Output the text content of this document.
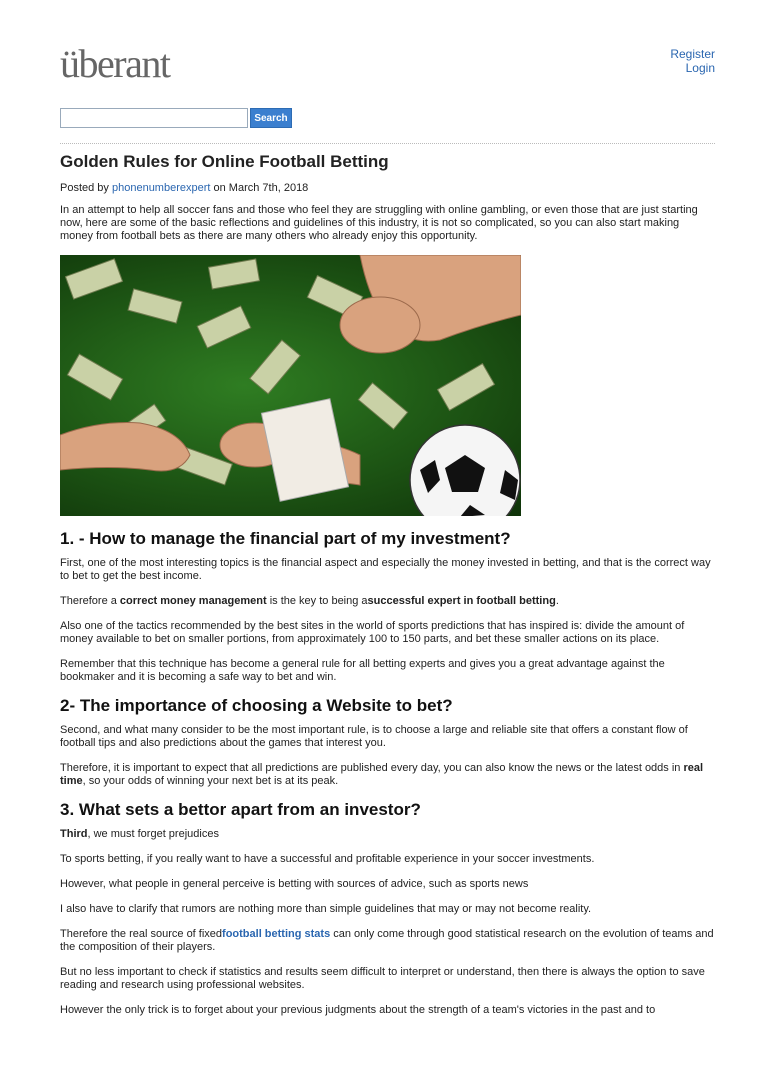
überant	Register
Login
Search
Golden Rules for Online Football Betting
Posted by phonenumberexpert on March 7th, 2018

In an attempt to help all soccer fans and those who feel they are struggling with online gambling, or even those that are just starting now, here are some of the basic reflections and guidelines of this industry, it is not so complicated, so you can also start making money from football bets as there are many others who already enjoy this opportunity.

1. - How to manage the financial part of my investment?

First, one of the most interesting topics is the financial aspect and especially the money invested in betting, and that is the correct way to bet to get the best income.

Therefore a correct money management is the key to being asuccessful expert in football betting.

Also one of the tactics recommended by the best sites in the world of sports predictions that has inspired is: divide the amount of money available to bet on smaller portions, from approximately 100 to 150 parts, and bet these smaller actions on its place.

Remember that this technique has become a general rule for all betting experts and gives you a great advantage against the bookmaker and it is becoming a safe way to bet and win.

2- The importance of choosing a Website to bet?

Second, and what many consider to be the most important rule, is to choose a large and reliable site that offers a constant flow of football tips and also predictions about the games that interest you.

Therefore, it is important to expect that all predictions are published every day, you can also know the news or the latest odds in real time, so your odds of winning your next bet is at its peak.

3. What sets a bettor apart from an investor?

Third, we must forget prejudices

To sports betting, if you really want to have a successful and profitable experience in your soccer investments.

However, what people in general perceive is betting with sources of advice, such as sports news

I also have to clarify that rumors are nothing more than simple guidelines that may or may not become reality.

Therefore the real source of fixedfootball betting stats can only come through good statistical research on the evolution of teams and the composition of their players.

But no less important to check if statistics and results seem difficult to interpret or understand, then there is always the option to save reading and research using professional websites.

However the only trick is to forget about your previous judgments about the strength of a team's victories in the past and to
